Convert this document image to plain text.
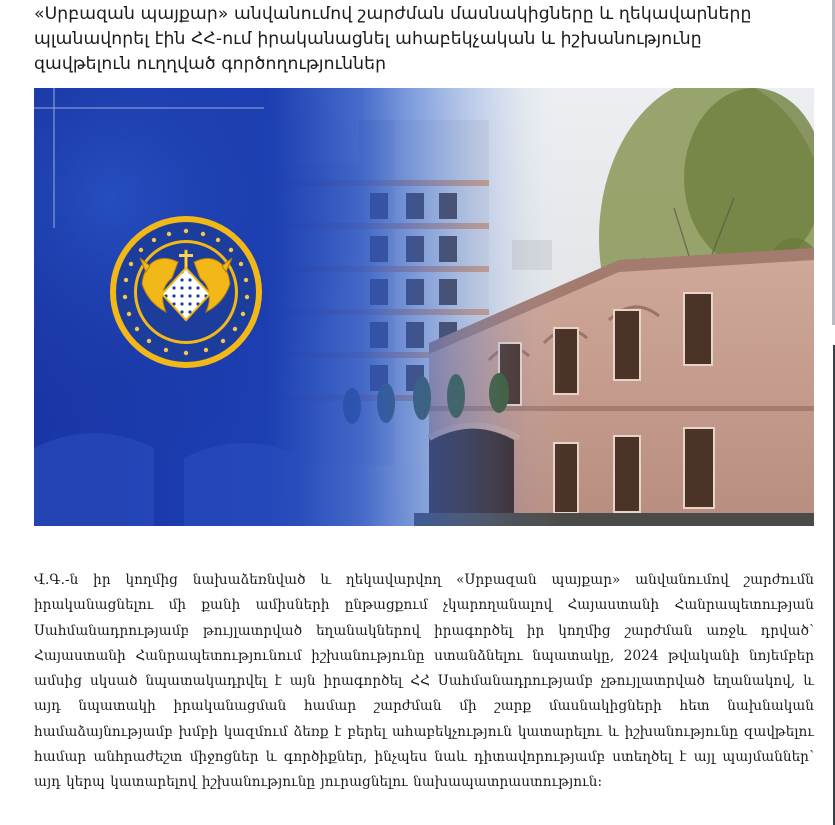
«Սրբազան պայքար» անվանումով շարժման մասնակիցները և ղեկավարները պլանավորել էին ՀՀ-ում իրականացնել ահաբեկչական և իշխանությունը զավթելուն ուղղված գործողություններ

Վ.Գ.-ն իր կողմից նախաձեռնված և ղեկավարվող «Սրբազան պայքար» անվանումով շարժումն իրականացնելու մի քանի ամիսների ընթացքում չկարողանալով Հայաստանի Հանրապետության Սահմանադրությամբ թույլատրված եղանակներով իրագործել իր կողմից շարժման առջև դրված՝ Հայաստանի Հանրապետությունում իշխանությունը ստանձնելու նպատակը, 2024 թվականի նոյեմբեր ամսից սկսած նպատակադրվել է այն իրագործել ՀՀ Սահմանադրությամբ չթույլատրված եղանակով, և այդ նպատակի իրականացման համար շարժման մի շարք մասնակիցների հետ նախնական համաձայնությամբ խմբի կազմում ձեռք է բերել ահաբեկչություն կատարելու և իշխանությունը զավթելու համար անհրաժեշտ միջոցներ և գործիքներ, ինչպես նաև դիտավորությամբ ստեղծել է այլ պայմաններ՝ այդ կերպ կատարելով իշխանությունը յուրացնելու նախապատրաստություն։
